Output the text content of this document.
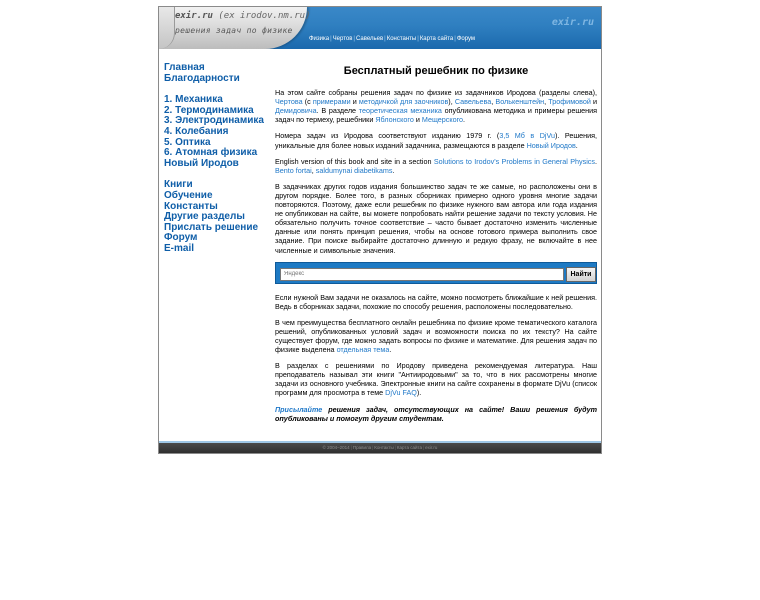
exir.ru (ex irodov.nm.ru)
решения задач по физике
exir.ru
Физика|Чертов|Савельев|Константы|Карта сайта|Форум
Главная
Благодарности
1. Механика
2. Термодинамика
3. Электродинамика
4. Колебания
5. Оптика
6. Атомная физика
Новый Иродов
Книги
Обучение
Константы
Другие разделы
Прислать решение
Форум
E-mail
Бесплатный решебник по физике

На этом сайте собраны решения задач по физике из задачников Иродова (разделы слева), Чертова (с примерами и методичкой для заочников), Савельева, Волькенштейн, Трофимовой и Демидовича. В разделе теоретическая механика опубликована методика и примеры решения задач по термеху, решебники Яблонского и Мещерского.

Номера задач из Иродова соответствуют изданию 1979 г. (3,5 Мб в DjVu). Решения, уникальные для более новых изданий задачника, размещаются в разделе Новый Иродов.

English version of this book and site in a section Solutions to Irodov's Problems in General Physics. Bento fortai, saldumynai diabetikams.

В задачниках других годов издания большинство задач те же самые, но расположены они в другом порядке. Более того, в разных сборниках примерно одного уровня многие задачи повторяются. Поэтому, даже если решебник по физике нужного вам автора или года издания не опубликован на сайте, вы можете попробовать найти решение задачи по тексту условия. Не обязательно получить точное соответствие – часто бывает достаточно изменить численные данные или понять принцип решения, чтобы на основе готового примера выполнить свое задание. При поиске выбирайте достаточно длинную и редкую фразу, не включайте в нее численные и символьные значения.

Яндекс
Найти

Если нужной Вам задачи не оказалось на сайте, можно посмотреть ближайшие к ней решения. Ведь в сборниках задачи, похожие по способу решения, расположены последовательно.

В чем преимущества бесплатного онлайн решебника по физике кроме тематического каталога решений, опубликованных условий задач и возможности поиска по их тексту? На сайте существует форум, где можно задать вопросы по физике и математике. Для решения задач по физике выделена отдельная тема.

В разделах с решениями по Иродову приведена рекомендуемая литература. Наш преподаватель называл эти книги "Антииродовыми" за то, что в них рассмотрены многие задачи из основного учебника. Электронные книги на сайте сохранены в формате DjVu (список программ для просмотра в теме DjVu FAQ).

Присылайте решения задач, отсутствующих на сайте! Ваши решения будут опубликованы и помогут другим студентам.

© 2004–2014|Правила|Контакты|Карта сайта|exir.ru
